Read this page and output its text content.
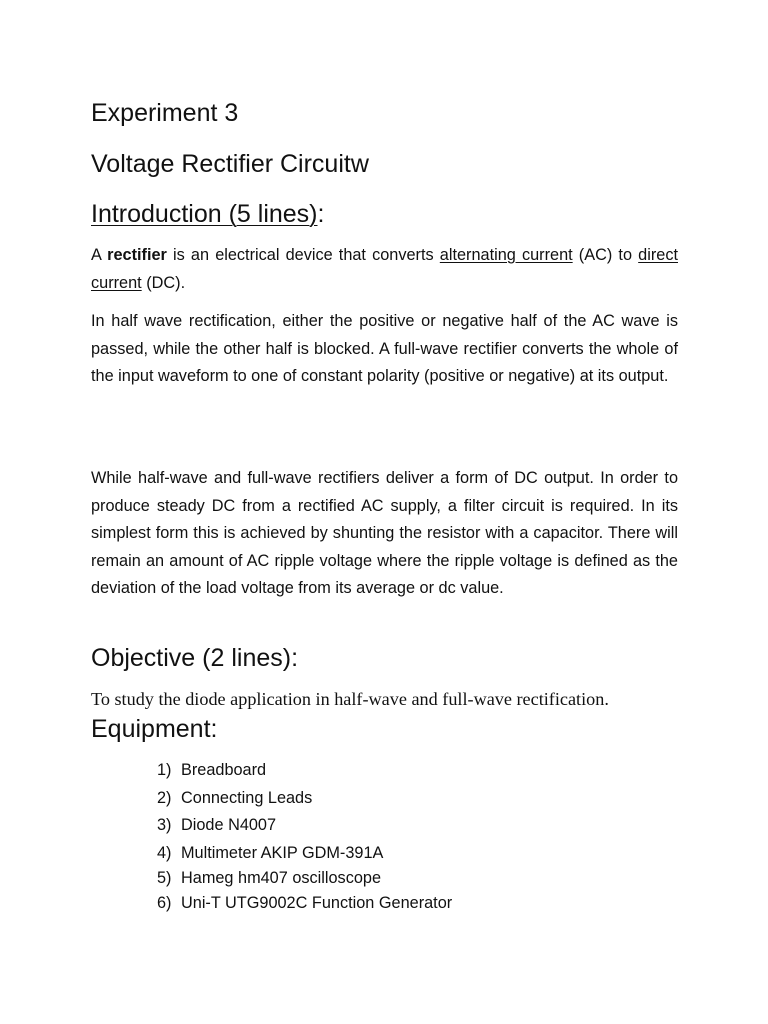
Experiment 3
Voltage Rectifier Circuitw
Introduction (5 lines):

A rectifier is an electrical device that converts alternating current (AC) to direct current (DC).

In half wave rectification, either the positive or negative half of the AC wave is passed, while the other half is blocked. A full-wave rectifier converts the whole of the input waveform to one of constant polarity (positive or negative) at its output.

While half-wave and full-wave rectifiers deliver a form of DC output. In order to produce steady DC from a rectified AC supply, a filter circuit is required. In its simplest form this is achieved by shunting the resistor with a capacitor. There will remain an amount of AC ripple voltage where the ripple voltage is defined as the deviation of the load voltage from its average or dc value.

Objective (2 lines):

To study the diode application in half-wave and full-wave rectification.

Equipment:
1) Breadboard
2) Connecting Leads
3) Diode N4007
4) Multimeter AKIP GDM-391A
5) Hameg hm407 oscilloscope
6) Uni-T UTG9002C Function Generator
